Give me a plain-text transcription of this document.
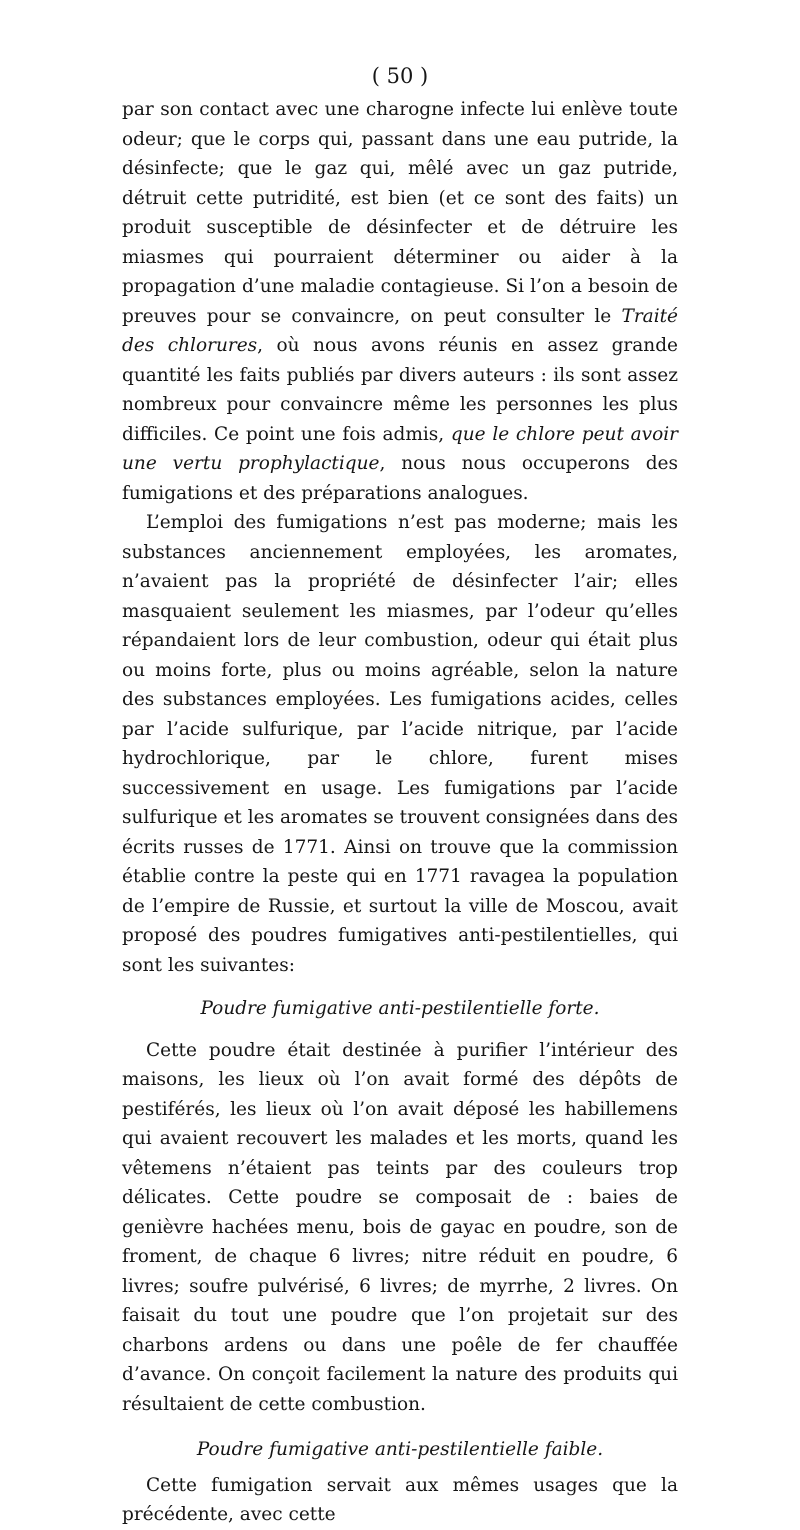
( 50 )

par son contact avec une charogne infecte lui enlève toute odeur; que le corps qui, passant dans une eau putride, la désinfecte; que le gaz qui, mêlé avec un gaz putride, détruit cette putridité, est bien (et ce sont des faits) un produit susceptible de désinfecter et de détruire les miasmes qui pourraient déterminer ou aider à la propagation d’une maladie contagieuse. Si l’on a besoin de preuves pour se convaincre, on peut consulter le Traité des chlorures, où nous avons réunis en assez grande quantité les faits publiés par divers auteurs : ils sont assez nombreux pour convaincre même les personnes les plus difficiles. Ce point une fois admis, que le chlore peut avoir une vertu prophylactique, nous nous occuperons des fumigations et des préparations analogues.

L’emploi des fumigations n’est pas moderne; mais les substances anciennement employées, les aromates, n’avaient pas la propriété de désinfecter l’air; elles masquaient seulement les miasmes, par l’odeur qu’elles répandaient lors de leur combustion, odeur qui était plus ou moins forte, plus ou moins agréable, selon la nature des substances employées. Les fumigations acides, celles par l’acide sulfurique, par l’acide nitrique, par l’acide hydrochlorique, par le chlore, furent mises successivement en usage. Les fumigations par l’acide sulfurique et les aromates se trouvent consignées dans des écrits russes de 1771. Ainsi on trouve que la commission établie contre la peste qui en 1771 ravagea la population de l’empire de Russie, et surtout la ville de Moscou, avait proposé des poudres fumigatives anti-pestilentielles, qui sont les suivantes:

Poudre fumigative anti-pestilentielle forte.

Cette poudre était destinée à purifier l’intérieur des maisons, les lieux où l’on avait formé des dépôts de pestiférés, les lieux où l’on avait déposé les habillemens qui avaient recouvert les malades et les morts, quand les vêtemens n’étaient pas teints par des couleurs trop délicates. Cette poudre se composait de : baies de genièvre hachées menu, bois de gayac en poudre, son de froment, de chaque 6 livres; nitre réduit en poudre, 6 livres; soufre pulvérisé, 6 livres; de myrrhe, 2 livres. On faisait du tout une poudre que l’on projetait sur des charbons ardens ou dans une poêle de fer chauffée d’avance. On conçoit facilement la nature des produits qui résultaient de cette combustion.

Poudre fumigative anti-pestilentielle faible.

Cette fumigation servait aux mêmes usages que la précédente, avec cette
